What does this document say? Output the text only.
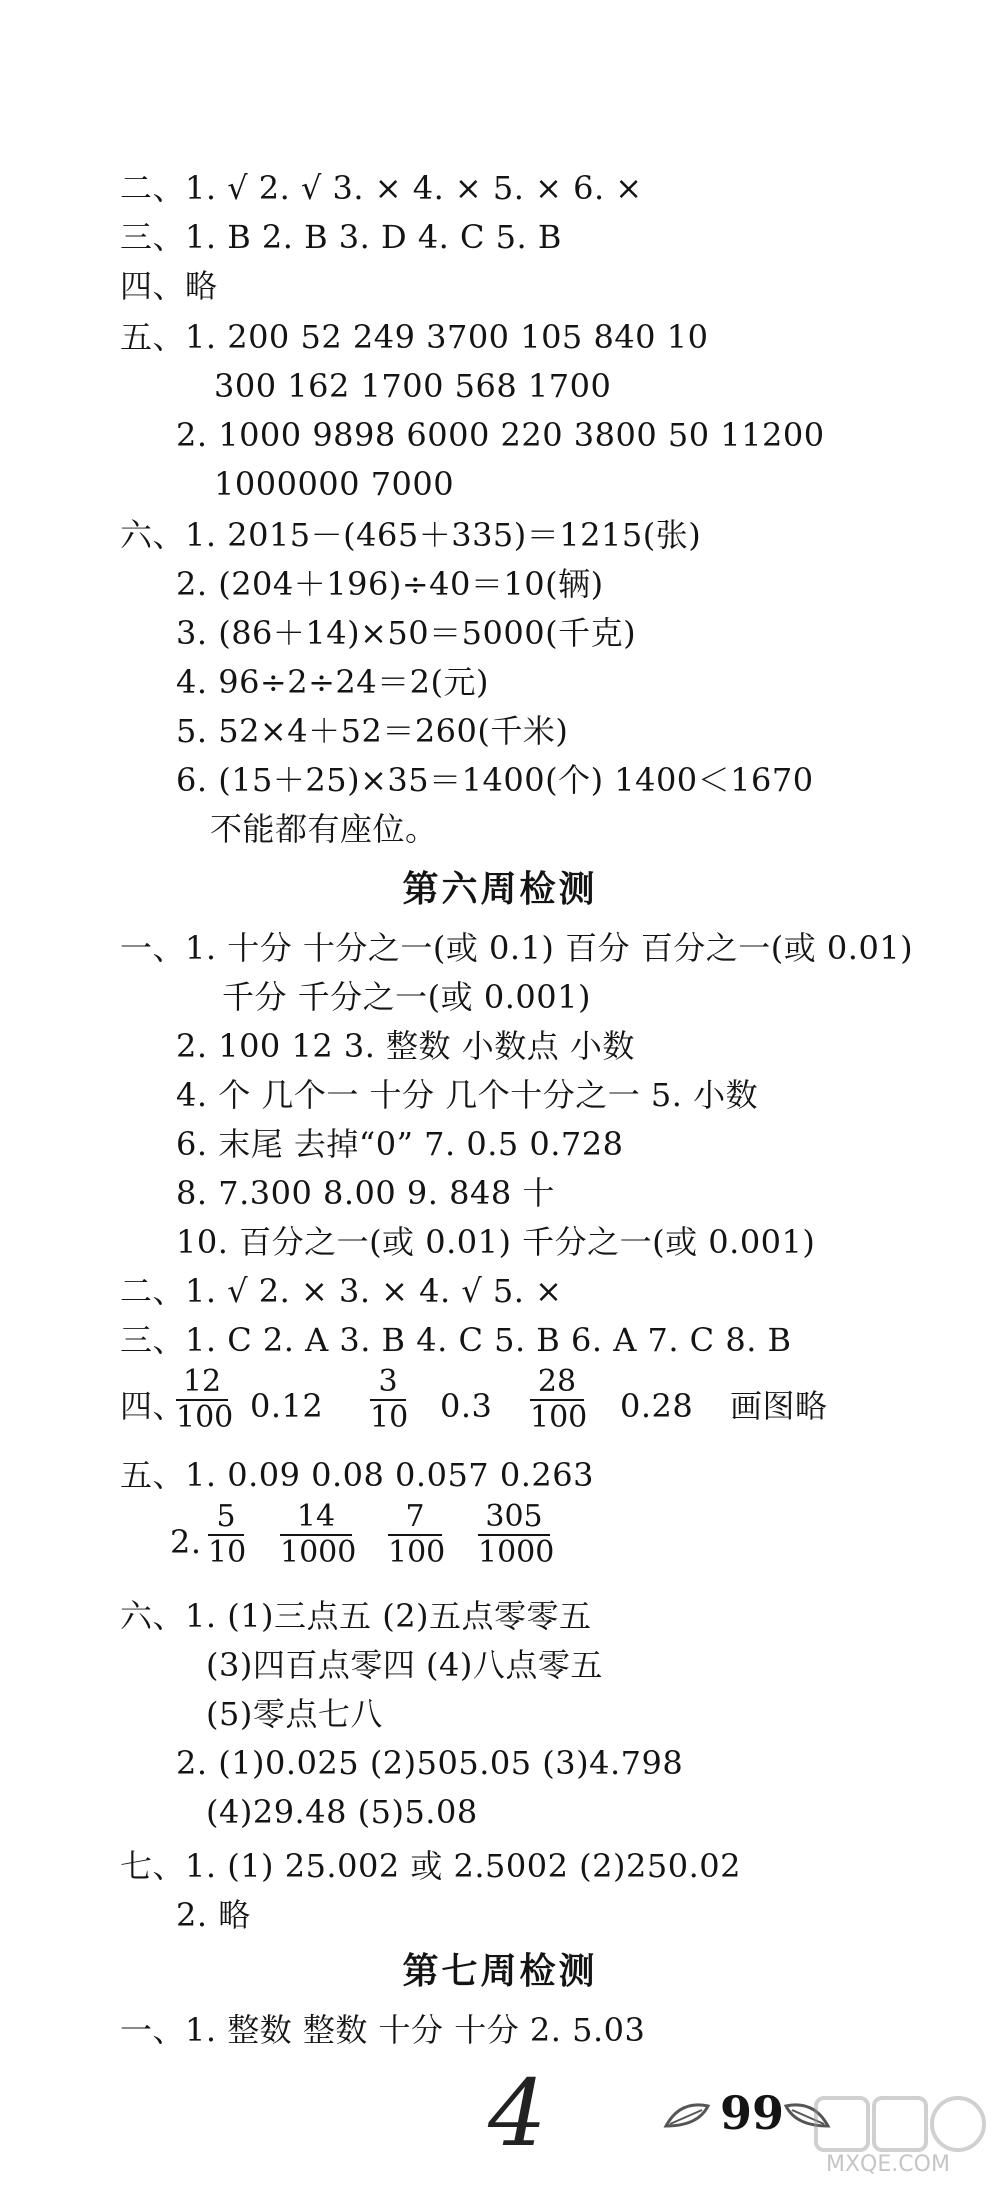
二、1. √ 2. √ 3. × 4. × 5. × 6. ×
三、1. B 2. B 3. D 4. C 5. B
四、略
五、1. 200 52 249 3700 105 840 10
300 162 1700 568 1700
2. 1000 9898 6000 220 3800 50 11200
1000000 7000
六、1. 2015－(465＋335)＝1215(张)
2. (204＋196)÷40＝10(辆)
3. (86＋14)×50＝5000(千克)
4. 96÷2÷24＝2(元)
5. 52×4＋52＝260(千米)
6. (15＋25)×35＝1400(个) 1400＜1670
不能都有座位。
第六周检测
一、1. 十分 十分之一(或 0.1) 百分 百分之一(或 0.01)
千分 千分之一(或 0.001)
2. 100 12 3. 整数 小数点 小数
4. 个 几个一 十分 几个十分之一 5. 小数
6. 末尾 去掉“0” 7. 0.5 0.728
8. 7.300 8.00 9. 848 十
10. 百分之一(或 0.01) 千分之一(或 0.001)
二、1. √ 2. × 3. × 4. √ 5. ×
三、1. C 2. A 3. B 4. C 5. B 6. A 7. C 8. B
四、
$\frac{12}{100} 0.12 \frac{3}{10} 0.3 \frac{28}{100} 0.28$ 画图略
五、1. 0.09 0.08 0.057 0.263
2. $\frac{5}{10} \frac{14}{1000} \frac{7}{100} \frac{305}{1000}$
六、1. (1)三点五 (2)五点零零五
(3)四百点零四 (4)八点零五
(5)零点七八
2. (1)0.025 (2)505.05 (3)4.798
(4)29.48 (5)5.08
七、1. (1) 25.002 或 2.5002 (2)250.02
2. 略
第七周检测
一、1. 整数 整数 十分 十分 2. 5.03
4	99
MXQE.COM
